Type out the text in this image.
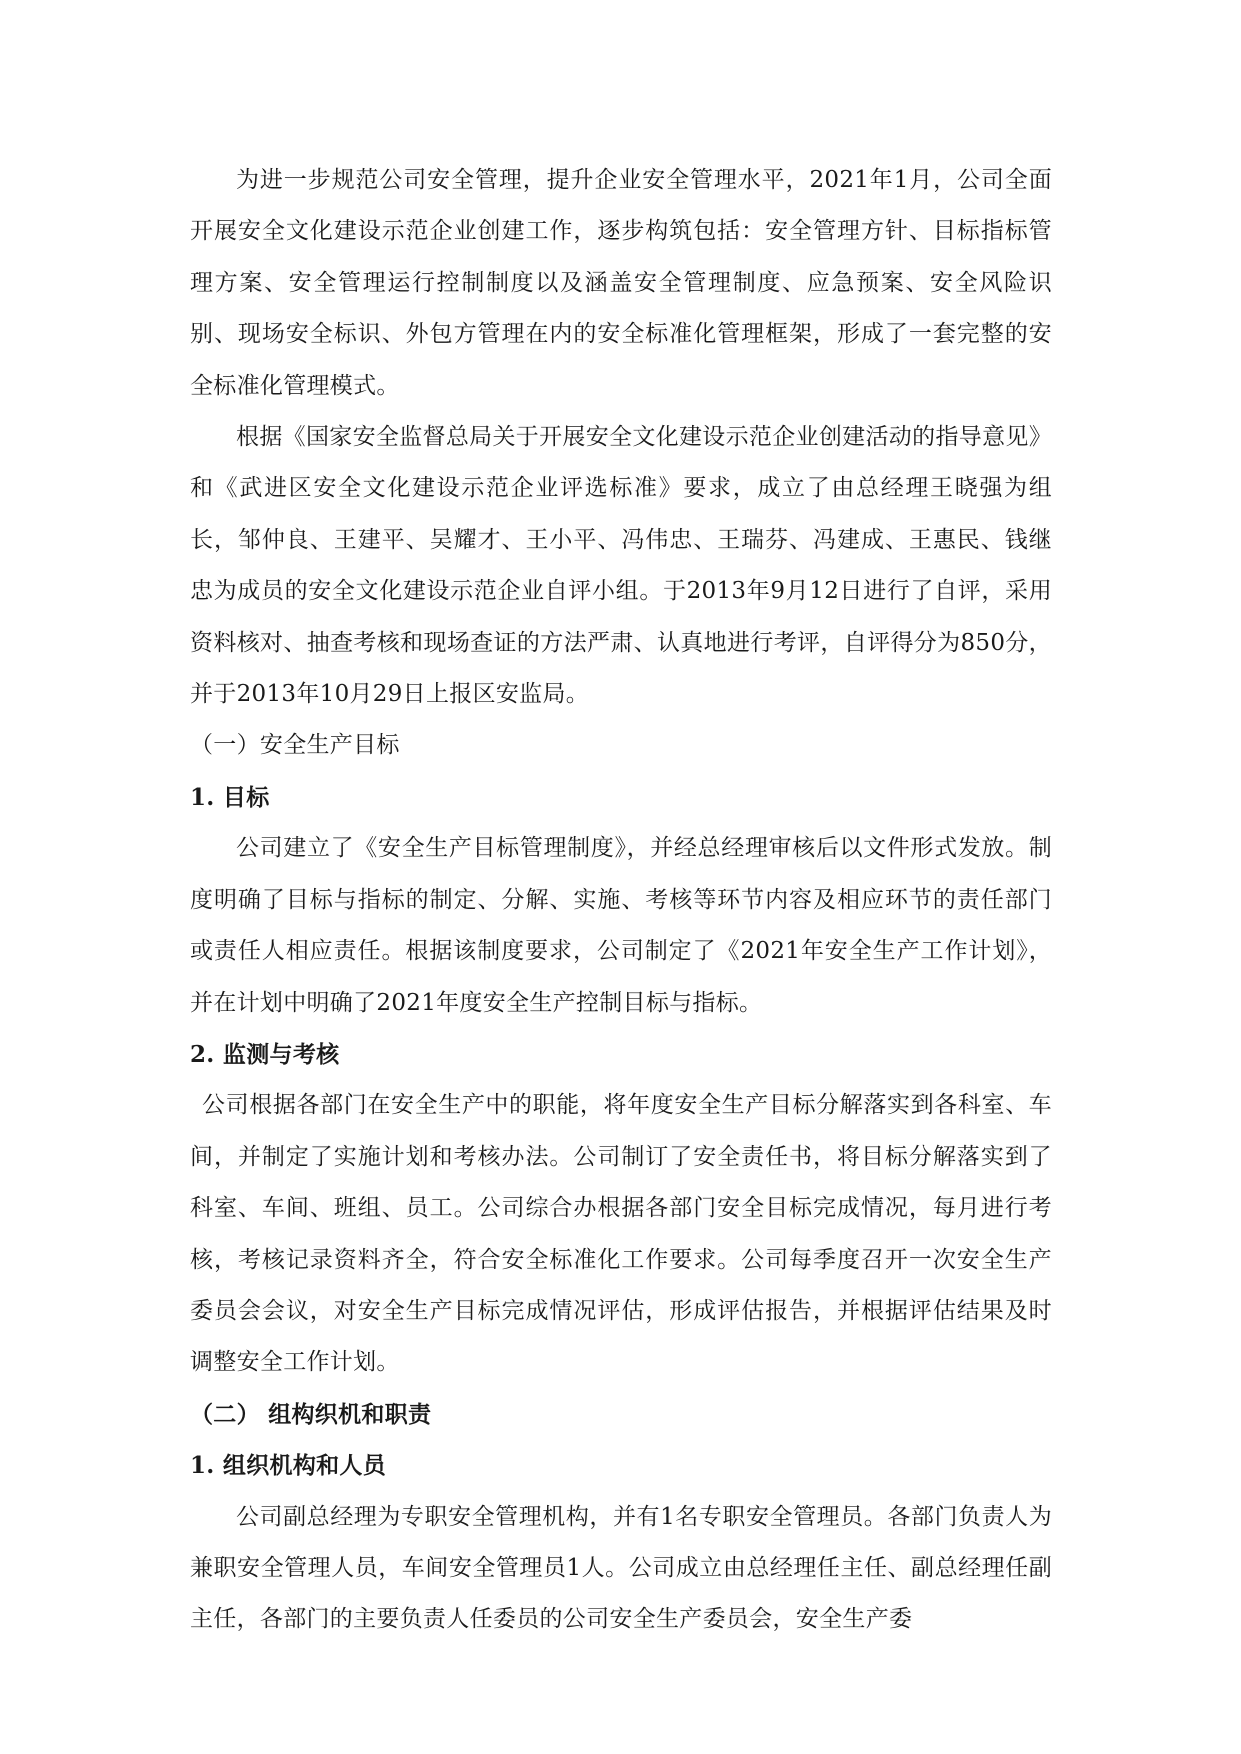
为进一步规范公司安全管理，提升企业安全管理水平，2021年1月，公司全面开展安全文化建设示范企业创建工作，逐步构筑包括：安全管理方针、目标指标管理方案、安全管理运行控制制度以及涵盖安全管理制度、应急预案、安全风险识别、现场安全标识、外包方管理在内的安全标准化管理框架，形成了一套完整的安全标准化管理模式。

根据《国家安全监督总局关于开展安全文化建设示范企业创建活动的指导意见》和《武进区安全文化建设示范企业评选标准》要求，成立了由总经理王晓强为组长，邹仲良、王建平、吴耀才、王小平、冯伟忠、王瑞芬、冯建成、王惠民、钱继忠为成员的安全文化建设示范企业自评小组。于2013年9月12日进行了自评，采用资料核对、抽查考核和现场查证的方法严肃、认真地进行考评，自评得分为850分，并于2013年10月29日上报区安监局。

（一）安全生产目标

1. 目标

公司建立了《安全生产目标管理制度》，并经总经理审核后以文件形式发放。制度明确了目标与指标的制定、分解、实施、考核等环节内容及相应环节的责任部门或责任人相应责任。根据该制度要求，公司制定了《2021年安全生产工作计划》，并在计划中明确了2021年度安全生产控制目标与指标。

2. 监测与考核

公司根据各部门在安全生产中的职能，将年度安全生产目标分解落实到各科室、车间，并制定了实施计划和考核办法。公司制订了安全责任书，将目标分解落实到了科室、车间、班组、员工。公司综合办根据各部门安全目标完成情况，每月进行考核，考核记录资料齐全，符合安全标准化工作要求。公司每季度召开一次安全生产委员会会议，对安全生产目标完成情况评估，形成评估报告，并根据评估结果及时调整安全工作计划。

（二） 组构织机和职责

1. 组织机构和人员

公司副总经理为专职安全管理机构，并有1名专职安全管理员。各部门负责人为兼职安全管理人员，车间安全管理员1人。公司成立由总经理任主任、副总经理任副主任，各部门的主要负责人任委员的公司安全生产委员会，安全生产委
